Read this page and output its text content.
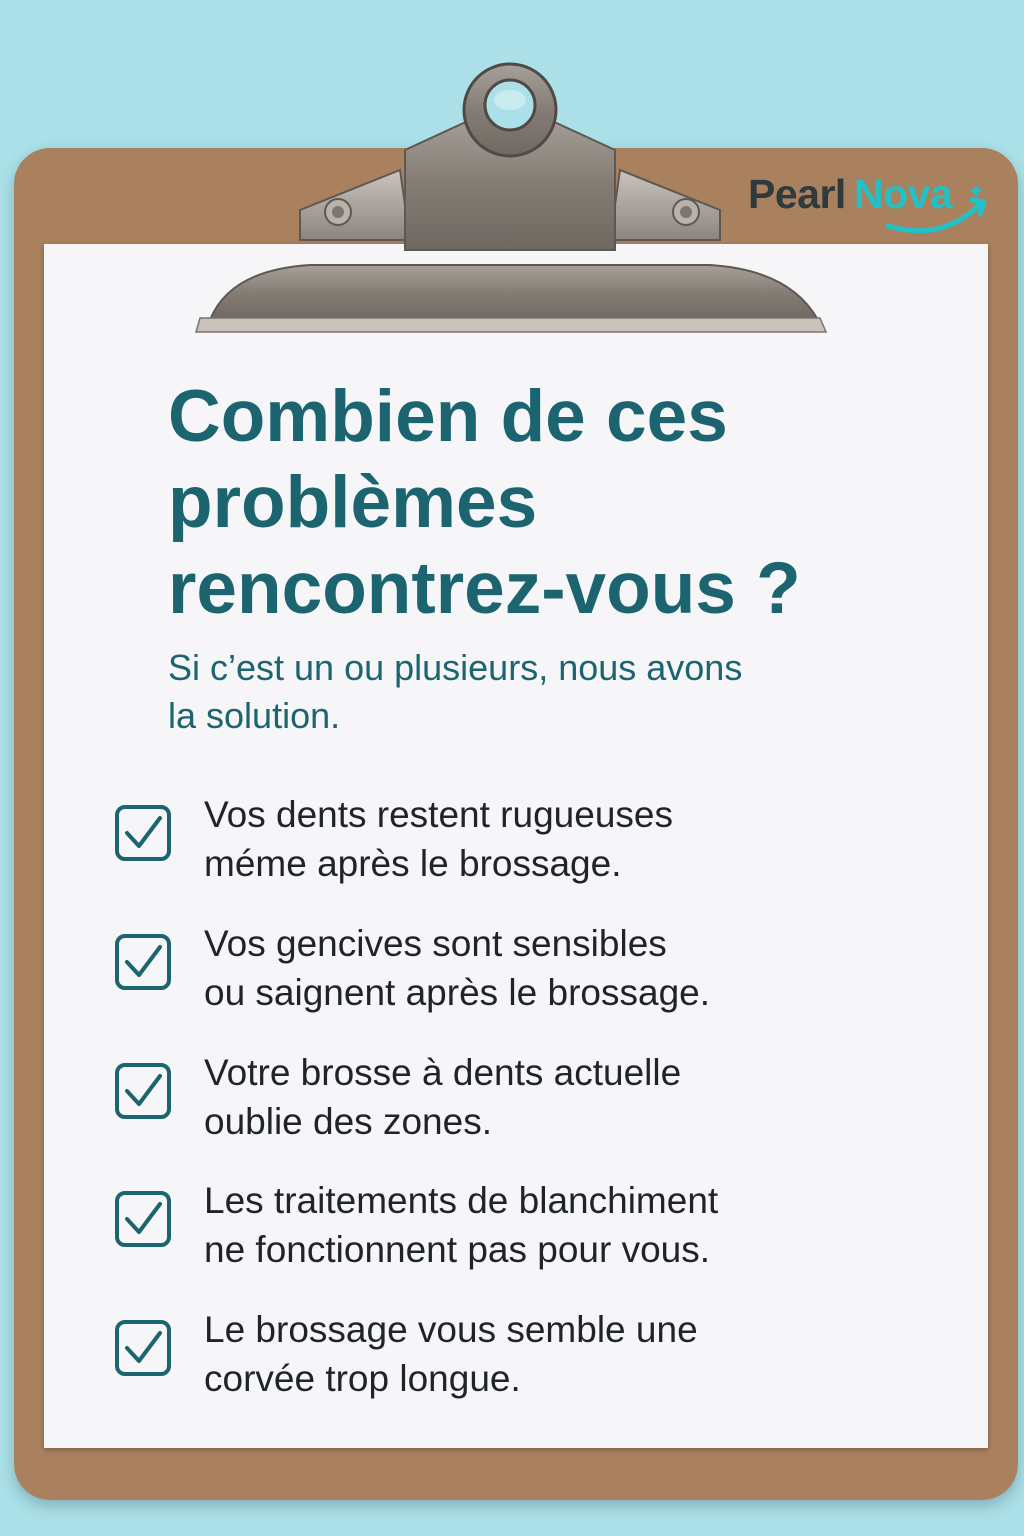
Pearl Nova
Combien de ces
problèmes
rencontrez-vous ?

Si c’est un ou plusieurs, nous avons
la solution.

Vos dents restent rugueuses
méme après le brossage.
Vos gencives sont sensibles
ou saignent après le brossage.
Votre brosse à dents actuelle
oublie des zones.
Les traitements de blanchiment
ne fonctionnent pas pour vous.
Le brossage vous semble une
corvée trop longue.
